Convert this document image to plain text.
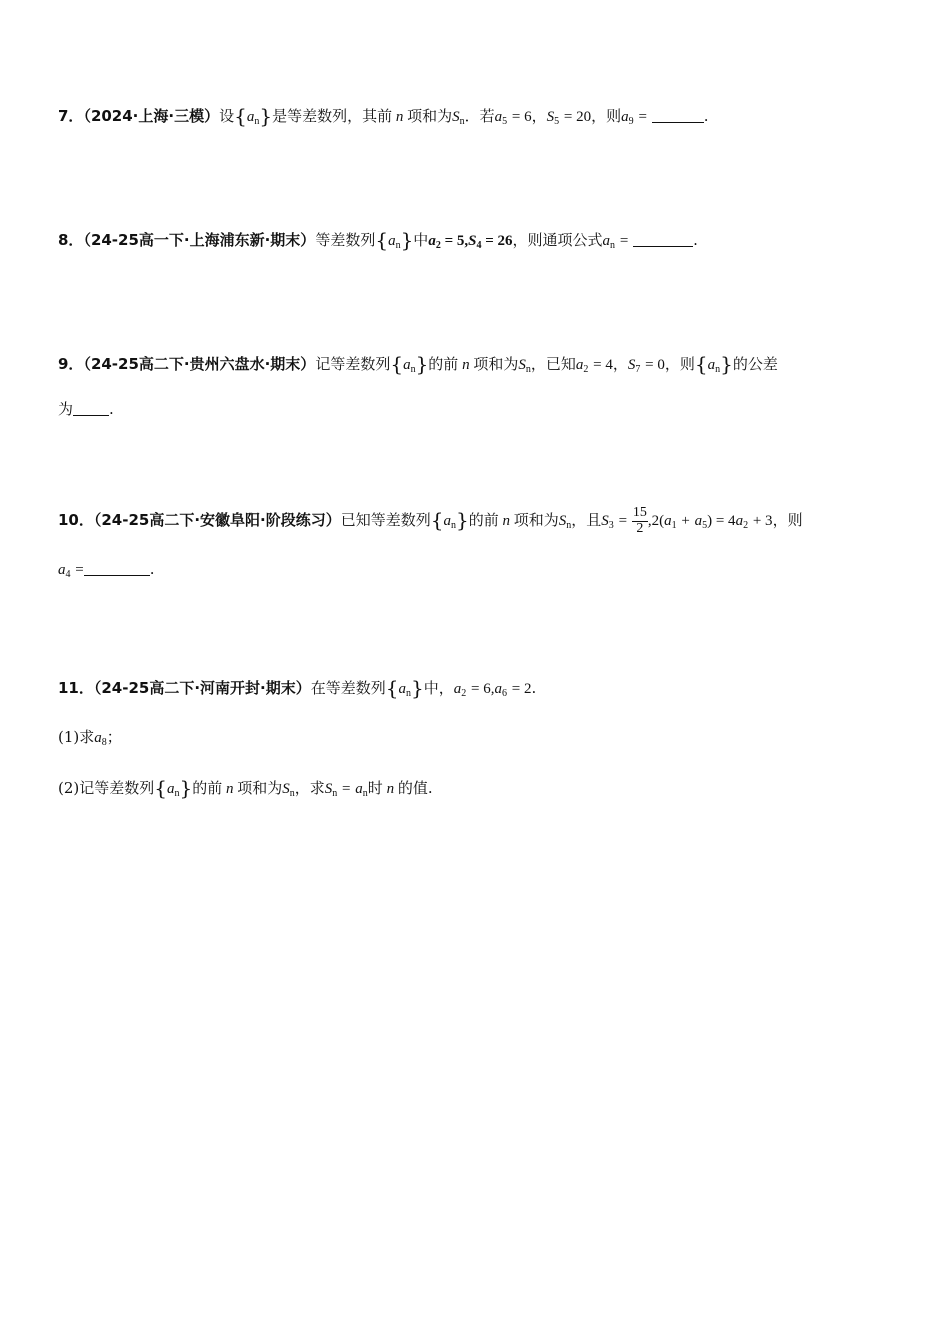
7．（2024·上海·三模）设$\{a_n\}$是等差数列，其前 n 项和为$S_n$．若$a_5 = 6$，$S_5 = 20$，则$a_9$ =	.
8．（24-25高一下·上海浦东新·期末）等差数列$\{a_n\}$中$a_2 = 5,S_4 = 26$，则通项公式$a_n$ =	.
9．（24-25高二下·贵州六盘水·期末）记等差数列$\{a_n\}$的前 n 项和为$S_n$，已知$a_2 = 4$，$S_7 = 0$，则$\{a_n\}$的公差
为 .
10．（24-25高二下·安徽阜阳·阶段练习）已知等差数列$\{a_n\}$的前 n 项和为$S_n$，且$S_3 = \frac{15}{2} ,2(a_1 + a_5) = 4a_2 + 3$，则
$a_4$ =	.
11．（24-25高二下·河南开封·期末）在等差数列$\{a_n\}$中，$a_2 = 6,a_6 = 2$.
(1)求$a_8$；
(2)记等差数列$\{a_n\}$的前 n 项和为$S_n$，求$S_n = a_n$时 n 的值.
